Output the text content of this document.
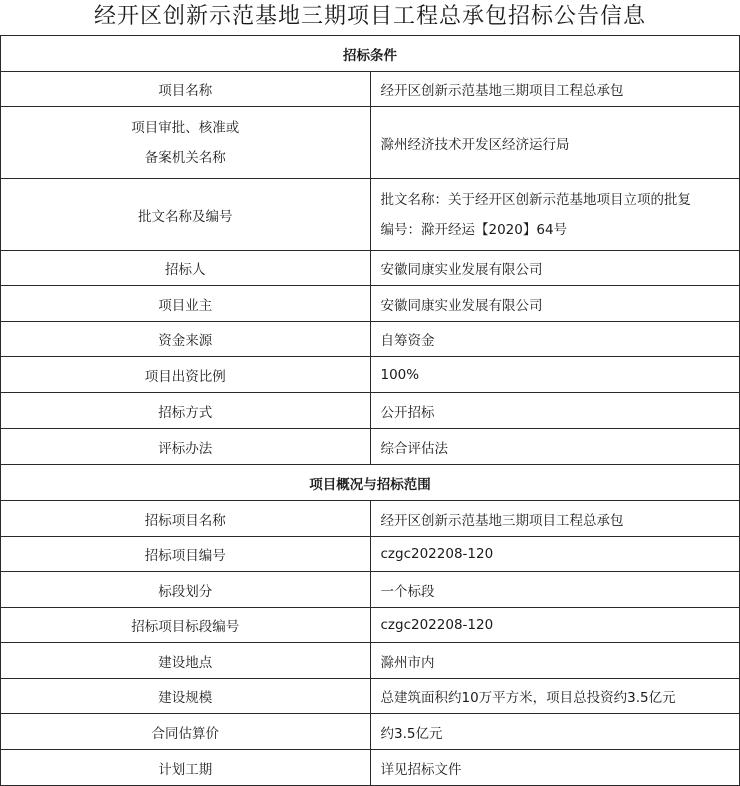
经开区创新示范基地三期项目工程总承包招标公告信息
招标条件	
项目名称	经开区创新示范基地三期项目工程总承包

项目审批、核准或
备案机关名称	滁州经济技术开发区经济运行局
批文名称及编号	批文名称：关于经开区创新示范基地项目立项的批复
编号：滁开经运【2020】64号

招标人	安徽同康实业发展有限公司
项目业主	安徽同康实业发展有限公司
资金来源	自筹资金
项目出资比例	100%
招标方式	公开招标
评标办法	综合评估法
项目概况与招标范围	
招标项目名称	经开区创新示范基地三期项目工程总承包
招标项目编号	czgc202208-120
标段划分	一个标段
招标项目标段编号	czgc202208-120
建设地点	滁州市内
建设规模	总建筑面积约10万平方米，项目总投资约3.5亿元
合同估算价	约3.5亿元
计划工期	详见招标文件
